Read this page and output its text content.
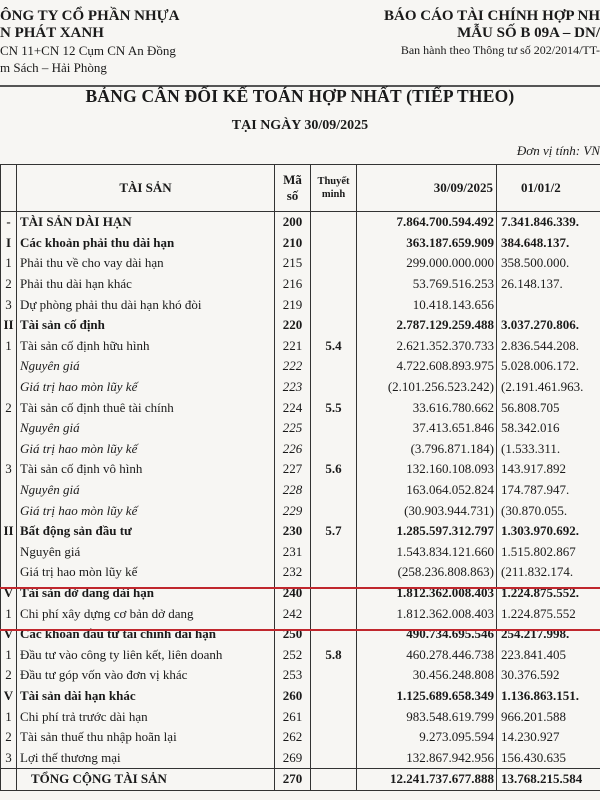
ÔNG TY CỔ PHẦN NHỰA
N PHÁT XANH
CN 11+CN 12 Cụm CN An Đồng
m Sách – Hải Phòng
BÁO CÁO TÀI CHÍNH HỢP NH
MẪU SỐ B 09A – DN/
Ban hành theo Thông tư số 202/2014/TT-
BẢNG CÂN ĐỐI KẾ TOÁN HỢP NHẤT (TIẾP THEO)
TẠI NGÀY 30/09/2025
Đơn vị tính: VN
	TÀI SẢN	Mã số	Thuyết minh	30/09/2025	01/01/2
-	TÀI SẢN DÀI HẠN	200		7.864.700.594.492	7.341.846.339.
I	Các khoản phải thu dài hạn	210		363.187.659.909	384.648.137.
1	Phải thu về cho vay dài hạn	215		299.000.000.000	358.500.000.
2	Phải thu dài hạn khác	216		53.769.516.253	26.148.137.
3	Dự phòng phải thu dài hạn khó đòi	219		10.418.143.656	
II	Tài sản cố định	220		2.787.129.259.488	3.037.270.806.
1	Tài sản cố định hữu hình	221	5.4	2.621.352.370.733	2.836.544.208.
	Nguyên giá	222		4.722.608.893.975	5.028.006.172.
	Giá trị hao mòn lũy kế	223		(2.101.256.523.242)	(2.191.461.963.
2	Tài sản cố định thuê tài chính	224	5.5	33.616.780.662	56.808.705
	Nguyên giá	225		37.413.651.846	58.342.016
	Giá trị hao mòn lũy kế	226		(3.796.871.184)	(1.533.311.
3	Tài sản cố định vô hình	227	5.6	132.160.108.093	143.917.892
	Nguyên giá	228		163.064.052.824	174.787.947.
	Giá trị hao mòn lũy kế	229		(30.903.944.731)	(30.870.055.
II	Bất động sản đầu tư	230	5.7	1.285.597.312.797	1.303.970.692.
	Nguyên giá	231		1.543.834.121.660	1.515.802.867
	Giá trị hao mòn lũy kế	232		(258.236.808.863)	(211.832.174.
V	Tài sản dở dang dài hạn	240		1.812.362.008.403	1.224.875.552.
1	Chi phí xây dựng cơ bản dở dang	242		1.812.362.008.403	1.224.875.552
V	Các khoản đầu tư tài chính dài hạn	250		490.734.695.546	254.217.998.
1	Đầu tư vào công ty liên kết, liên doanh	252	5.8	460.278.446.738	223.841.405
2	Đầu tư góp vốn vào đơn vị khác	253		30.456.248.808	30.376.592
V	Tài sản dài hạn khác	260		1.125.689.658.349	1.136.863.151.
1	Chi phí trả trước dài hạn	261		983.548.619.799	966.201.588
2	Tài sản thuế thu nhập hoãn lại	262		9.273.095.594	14.230.927
3	Lợi thế thương mại	269		132.867.942.956	156.430.635
	TỔNG CỘNG TÀI SẢN	270		12.241.737.677.888	13.768.215.584
